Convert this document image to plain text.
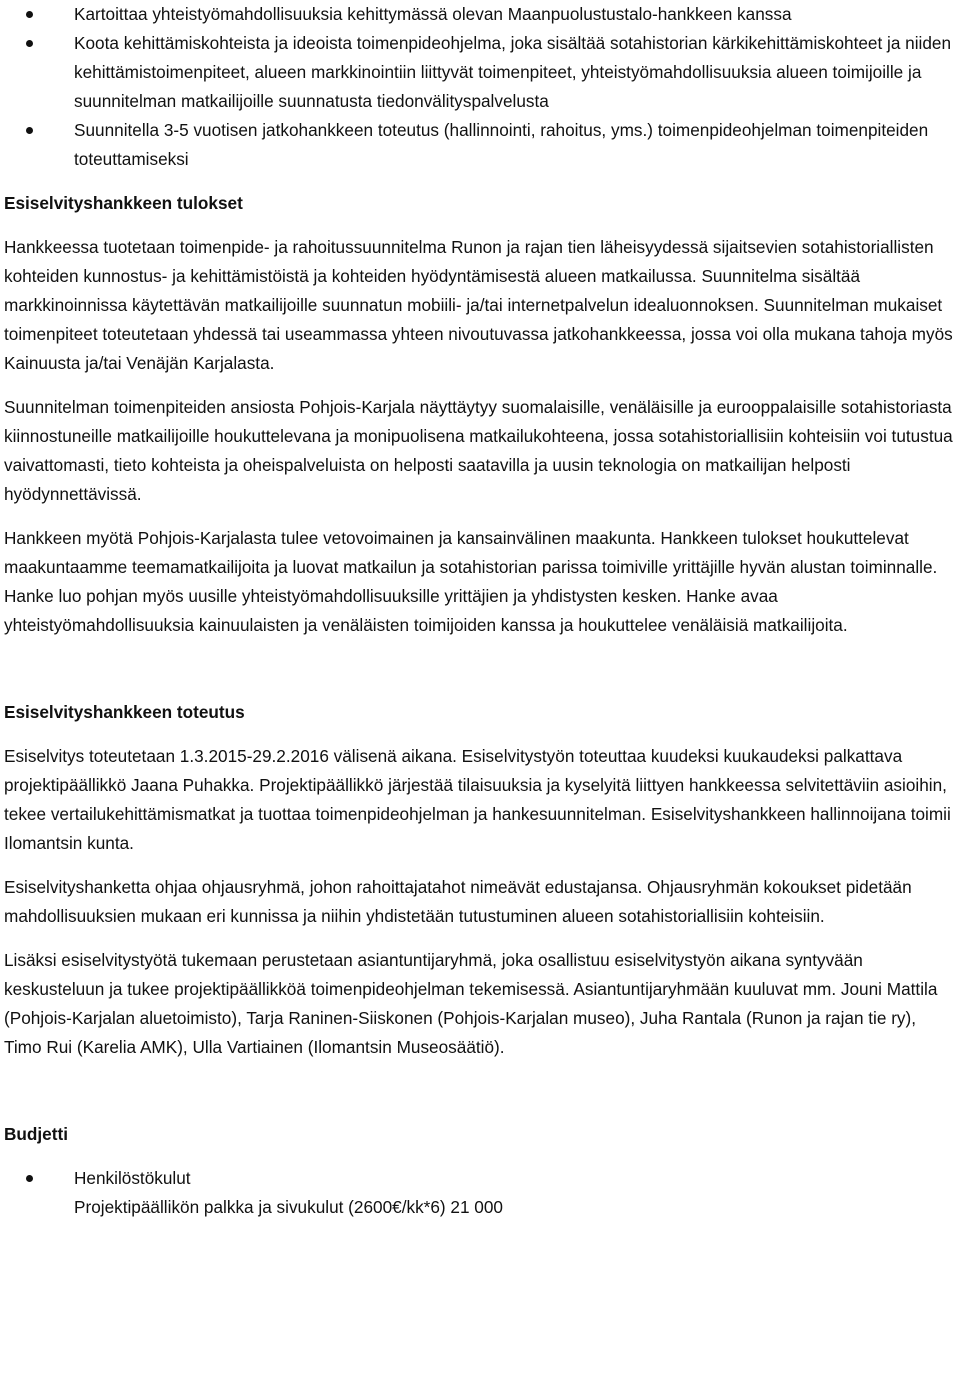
Kartoittaa yhteistyömahdollisuuksia kehittymässä olevan Maanpuolustustalo-hankkeen kanssa
Koota kehittämiskohteista ja ideoista toimenpideohjelma, joka sisältää sotahistorian kärkikehittämiskohteet ja niiden kehittämistoimenpiteet, alueen markkinointiin liittyvät toimenpiteet, yhteistyömahdollisuuksia alueen toimijoille ja suunnitelman matkailijoille suunnatusta tiedonvälityspalvelusta
Suunnitella 3-5 vuotisen jatkohankkeen toteutus (hallinnointi, rahoitus, yms.) toimenpideohjelman toimenpiteiden toteuttamiseksi
Esiselvityshankkeen tulokset

Hankkeessa tuotetaan toimenpide- ja rahoitussuunnitelma Runon ja rajan tien läheisyydessä sijaitsevien sotahistoriallisten kohteiden kunnostus- ja kehittämistöistä ja kohteiden hyödyntämisestä alueen matkailussa. Suunnitelma sisältää markkinoinnissa käytettävän matkailijoille suunnatun mobiili- ja/tai internetpalvelun idealuonnoksen. Suunnitelman mukaiset toimenpiteet toteutetaan yhdessä tai useammassa yhteen nivoutuvassa jatkohankkeessa, jossa voi olla mukana tahoja myös Kainuusta ja/tai Venäjän Karjalasta.

Suunnitelman toimenpiteiden ansiosta Pohjois-Karjala näyttäytyy suomalaisille, venäläisille ja eurooppalaisille sotahistoriasta kiinnostuneille matkailijoille houkuttelevana ja monipuolisena matkailukohteena, jossa sotahistoriallisiin kohteisiin voi tutustua vaivattomasti, tieto kohteista ja oheispalveluista on helposti saatavilla ja uusin teknologia on matkailijan helposti hyödynnettävissä.

Hankkeen myötä Pohjois-Karjalasta tulee vetovoimainen ja kansainvälinen maakunta. Hankkeen tulokset houkuttelevat maakuntaamme teemamatkailijoita ja luovat matkailun ja sotahistorian parissa toimiville yrittäjille hyvän alustan toiminnalle. Hanke luo pohjan myös uusille yhteistyömahdollisuuksille yrittäjien ja yhdistysten kesken. Hanke avaa yhteistyömahdollisuuksia kainuulaisten ja venäläisten toimijoiden kanssa ja houkuttelee venäläisiä matkailijoita.

Esiselvityshankkeen toteutus

Esiselvitys toteutetaan 1.3.2015-29.2.2016 välisenä aikana. Esiselvitystyön toteuttaa kuudeksi kuukaudeksi palkattava projektipäällikkö Jaana Puhakka. Projektipäällikkö järjestää tilaisuuksia ja kyselyitä liittyen hankkeessa selvitettäviin asioihin, tekee vertailukehittämismatkat ja tuottaa toimenpideohjelman ja hankesuunnitelman. Esiselvityshankkeen hallinnoijana toimii Ilomantsin kunta.

Esiselvityshanketta ohjaa ohjausryhmä, johon rahoittajatahot nimeävät edustajansa. Ohjausryhmän kokoukset pidetään mahdollisuuksien mukaan eri kunnissa ja niihin yhdistetään tutustuminen alueen sotahistoriallisiin kohteisiin.

Lisäksi esiselvitystyötä tukemaan perustetaan asiantuntijaryhmä, joka osallistuu esiselvitystyön aikana syntyvään keskusteluun ja tukee projektipäällikköä toimenpideohjelman tekemisessä. Asiantuntijaryhmään kuuluvat mm. Jouni Mattila (Pohjois-Karjalan aluetoimisto), Tarja Raninen-Siiskonen (Pohjois-Karjalan museo), Juha Rantala (Runon ja rajan tie ry), Timo Rui (Karelia AMK), Ulla Vartiainen (Ilomantsin Museosäätiö).

Budjetti
Henkilöstökulut
Projektipäällikön palkka ja sivukulut (2600€/kk*6) 21 000
